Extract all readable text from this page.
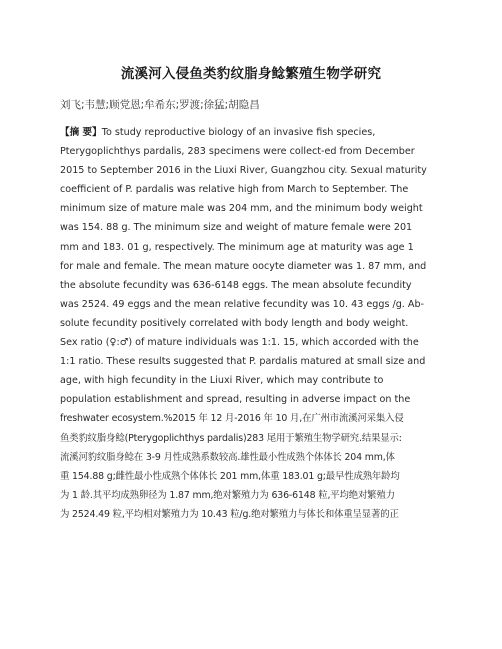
流溪河入侵鱼类豹纹脂身鲶繁殖生物学研究
刘飞;韦慧;顾党恩;牟希东;罗渡;徐猛;胡隐昌
【摘 要】To study reproductive biology of an invasive fish species,
Pterygoplichthys pardalis, 283 specimens were collect-ed from December
2015 to September 2016 in the Liuxi River, Guangzhou city. Sexual maturity
coefficient of P. pardalis was relative high from March to September. The
minimum size of mature male was 204 mm, and the minimum body weight
was 154. 88 g. The minimum size and weight of mature female were 201
mm and 183. 01 g, respectively. The minimum age at maturity was age 1
for male and female. The mean mature oocyte diameter was 1. 87 mm, and
the absolute fecundity was 636-6148 eggs. The mean absolute fecundity
was 2524. 49 eggs and the mean relative fecundity was 10. 43 eggs /g. Ab-
solute fecundity positively correlated with body length and body weight.
Sex ratio (♀:♂) of mature individuals was 1:1. 15, which accorded with the
1:1 ratio. These results suggested that P. pardalis matured at small size and
age, with high fecundity in the Liuxi River, which may contribute to
population establishment and spread, resulting in adverse impact on the
freshwater ecosystem.%2015 年 12 月-2016 年 10 月,在广州市流溪河采集入侵
鱼类豹纹脂身鲶(Pterygoplichthys pardalis)283 尾用于繁殖生物学研究.结果显示:
流溪河豹纹脂身鲶在 3-9 月性成熟系数较高.雄性最小性成熟个体体长 204 mm,体
重 154.88 g;雌性最小性成熟个体体长 201 mm,体重 183.01 g;最早性成熟年龄均
为 1 龄.其平均成熟卵径为 1.87 mm,绝对繁殖力为 636-6148 粒,平均绝对繁殖力
为 2524.49 粒,平均相对繁殖力为 10.43 粒/g.绝对繁殖力与体长和体重呈显著的正
